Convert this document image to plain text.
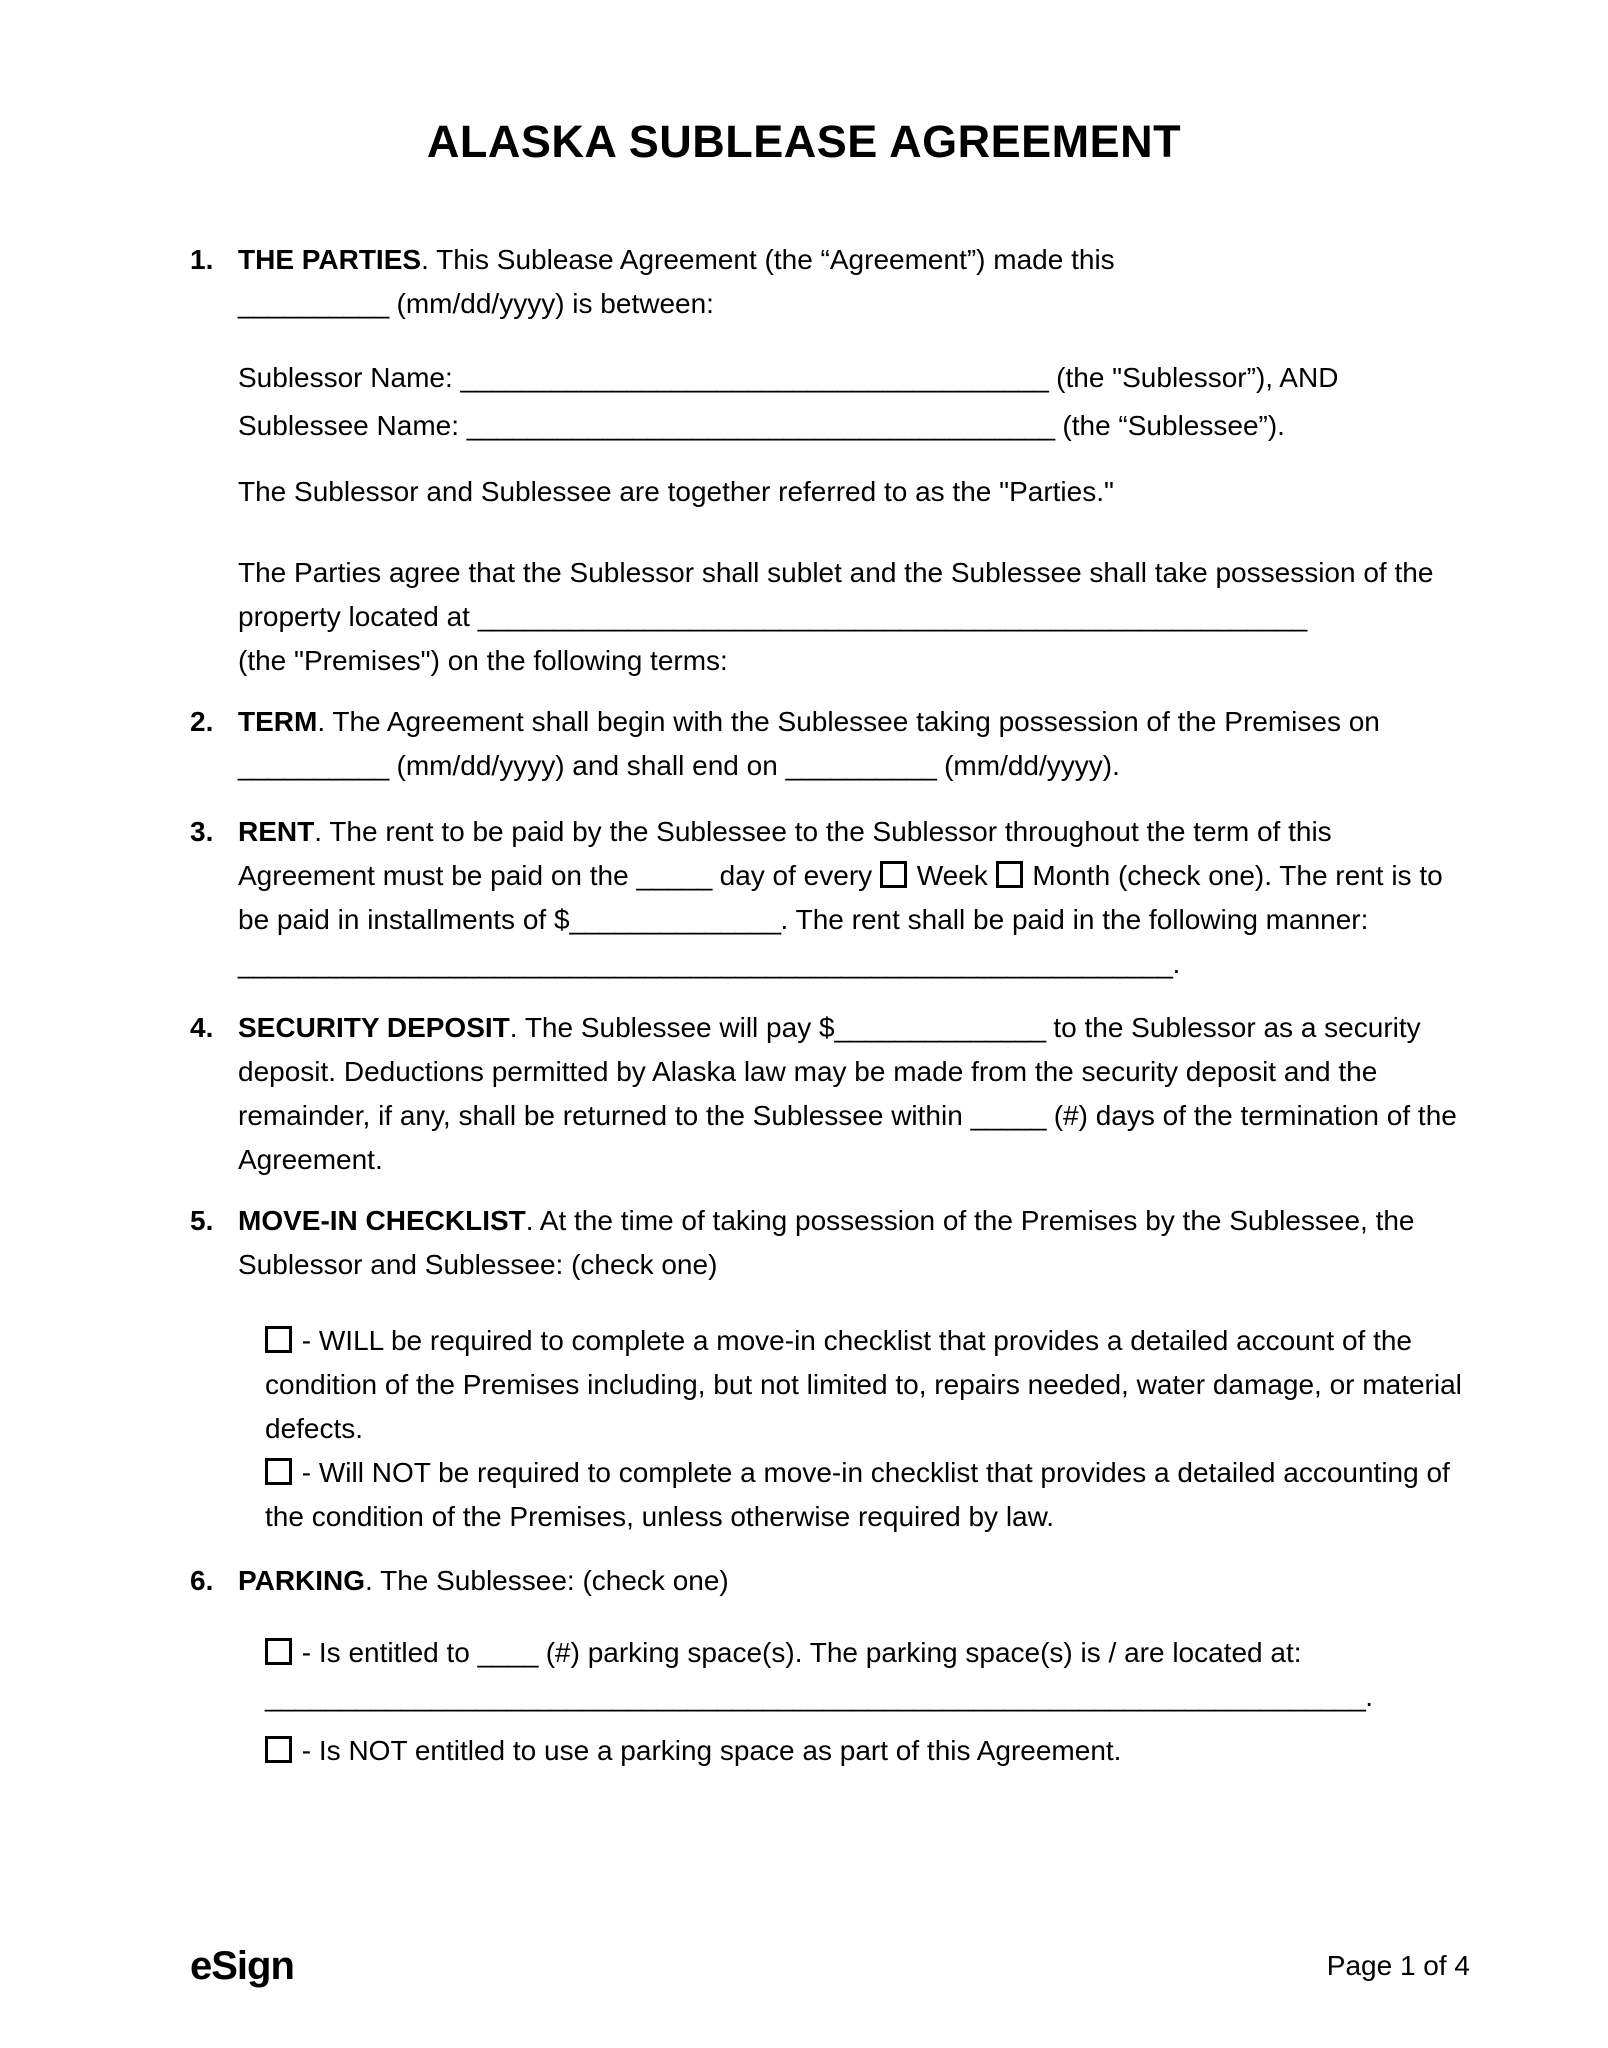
ALASKA SUBLEASE AGREEMENT
1. THE PARTIES. This Sublease Agreement (the “Agreement”) made this
__________ (mm/dd/yyyy) is between:

Sublessor Name: _______________________________________ (the "Sublessor”), AND

Sublessee Name: _______________________________________ (the “Sublessee”).

The Sublessor and Sublessee are together referred to as the "Parties."

The Parties agree that the Sublessor shall sublet and the Sublessee shall take possession of the property located at _______________________________________________________
(the "Premises") on the following terms:

2. TERM. The Agreement shall begin with the Sublessee taking possession of the Premises on
__________ (mm/dd/yyyy) and shall end on __________ (mm/dd/yyyy).

3. RENT. The rent to be paid by the Sublessee to the Sublessor throughout the term of this Agreement must be paid on the _____ day of every  Week  Month (check one). The rent is to be paid in installments of $______________. The rent shall be paid in the following manner: ______________________________________________________________.

4. SECURITY DEPOSIT. The Sublessee will pay $______________ to the Sublessor as a security deposit. Deductions permitted by Alaska law may be made from the security deposit and the remainder, if any, shall be returned to the Sublessee within _____ (#) days of the termination of the Agreement.

5. MOVE-IN CHECKLIST. At the time of taking possession of the Premises by the Sublessee, the Sublessor and Sublessee: (check one)

- WILL be required to complete a move-in checklist that provides a detailed account of the condition of the Premises including, but not limited to, repairs needed, water damage, or material defects.

- Will NOT be required to complete a move-in checklist that provides a detailed accounting of the condition of the Premises, unless otherwise required by law.

6. PARKING. The Sublessee: (check one)

- Is entitled to ____ (#) parking space(s). The parking space(s) is / are located at: _________________________________________________________________________.

- Is NOT entitled to use a parking space as part of this Agreement.

eSign	Page 1 of 4
